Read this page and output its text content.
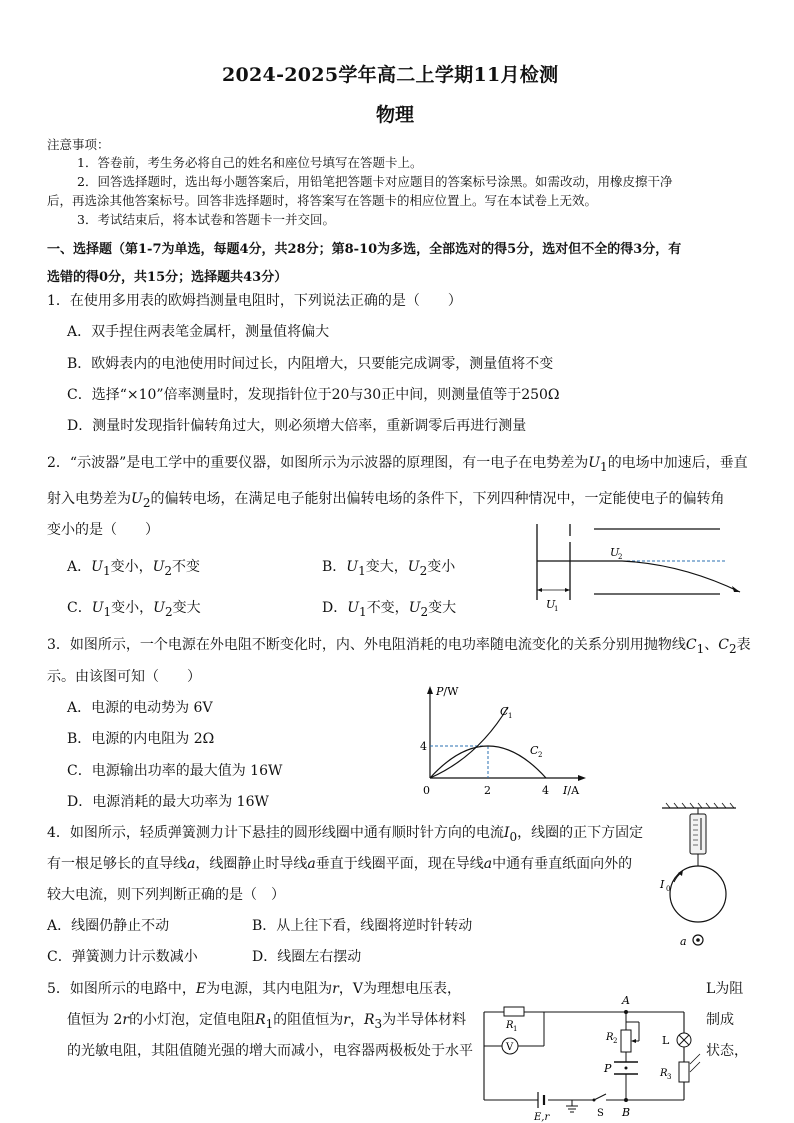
2024-2025学年高二上学期11月检测
物理
注意事项：
1．答卷前，考生务必将自己的姓名和座位号填写在答题卡上。
2．回答选择题时，选出每小题答案后，用铅笔把答题卡对应题目的答案标号涂黑。如需改动，用橡皮擦干净
后，再选涂其他答案标号。回答非选择题时，将答案写在答题卡的相应位置上。写在本试卷上无效。
3．考试结束后，将本试卷和答题卡一并交回。
一、选择题（第1-7为单选，每题4分，共28分；第8-10为多选，全部选对的得5分，选对但不全的得3分，有
选错的得0分，共15分；选择题共43分）
1．在使用多用表的欧姆挡测量电阻时，下列说法正确的是（　　）
A．双手捏住两表笔金属杆，测量值将偏大
B．欧姆表内的电池使用时间过长，内阻增大，只要能完成调零，测量值将不变
C．选择“×10”倍率测量时，发现指针位于20与30正中间，则测量值等于250Ω
D．测量时发现指针偏转角过大，则必须增大倍率，重新调零后再进行测量
2．“示波器”是电工学中的重要仪器，如图所示为示波器的原理图，有一电子在电势差为$U_1$的电场中加速后，垂直
射入电势差为$U_2$的偏转电场，在满足电子能射出偏转电场的条件下，下列四种情况中，一定能使电子的偏转角
变小的是（　　）
A．$U_1$变小，$U_2$不变	B．$U_1$变大，$U_2$变小
C．$U_1$变小，$U_2$变大	D．$U_1$不变，$U_2$变大	U
1
U
2
3．如图所示，一个电源在外电阻不断变化时，内、外电阻消耗的电功率随电流变化的关系分别用抛物线$C_1$、$C_2$表
示。由该图可知（　　）
A．电源的电动势为 6V
B．电源的内电阻为 2Ω
C．电源输出功率的最大值为 16W
D．电源消耗的最大功率为 16W
P/W
I/A
0	2	4
4
C 1
C 2
4．如图所示，轻质弹簧测力计下悬挂的圆形线圈中通有顺时针方向的电流$I_0$，线圈的正下方固定
有一根足够长的直导线a，线圈静止时导线a垂直于线圈平面，现在导线a中通有垂直纸面向外的
较大电流，则下列判断正确的是（　）
A．线圈仍静止不动	B．从上往下看，线圈将逆时针转动
C．弹簧测力计示数减小	D．线圈左右摆动
I 0
a
5．如图所示的电路中，E为电源，其内电阻为r，V为理想电压表，	L为阻
值恒为 2r的小灯泡，定值电阻$R_1$的阻值恒为r，$R_3$为半导体材料	制成
的光敏电阻，其阻值随光强的增大而减小，电容器两极板处于水平	状态，
R 1
V
A
R 2
P
B
L
R 3
E,r	S
